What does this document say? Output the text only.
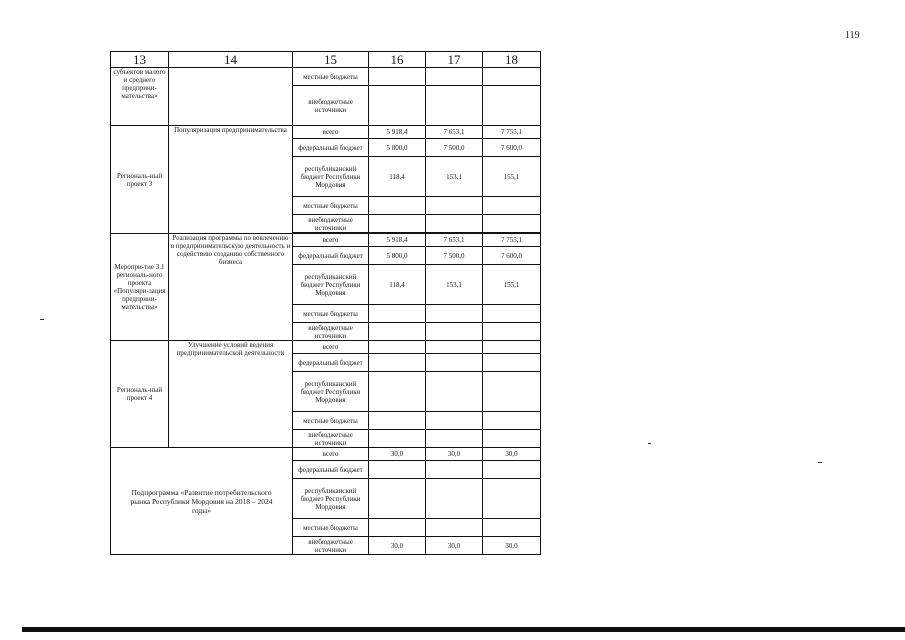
119
13	14	15	16	17	18
субъектов малого и среднего предприни-мательства»		местные бюджеты			
		внебюджетные источники			
Региональ-ный проект 3	Популяризация предпринимательства	всего	5 918,4	7 653,1	7 755,1
		федеральный бюджет	5 800,0	7 500,0	7 600,0
		республиканский бюджет Республики Мордовия	118,4	153,1	155,1
		местные бюджеты			
		внебюджетные источники			

Меропри-тие 3.1 региональ-ного проекта «Популяри-зация предприни-мательства»	Реализация программы по вовлечению в предпринимательскую деятельность и содействию созданию собственного бизнеса	всего	5 918,4	7 653,1	7 755,1
		федеральный бюджет	5 800,0	7 500,0	7 600,0
		республиканский бюджет Республики Мордовия	118,4	153,1	155,1
		местные бюджеты			
		внебюджетные источники			
Региональ-ный проект 4	Улучшение условий ведения предпринимательской деятельности	всего			
		федеральный бюджет			
		республиканский бюджет Республики Мордовия			
		местные бюджеты			
		внебюджетные источники			
Подпрограмма «Развитие потребительского рынка Республики Мордовия на 2018 – 2024 годы»		всего	30,0	30,0	30,0
		федеральный бюджет			
		республиканский бюджет Республики Мордовия			
		местные бюджеты			
		внебюджетные источники	30,0	30,0	30,0
